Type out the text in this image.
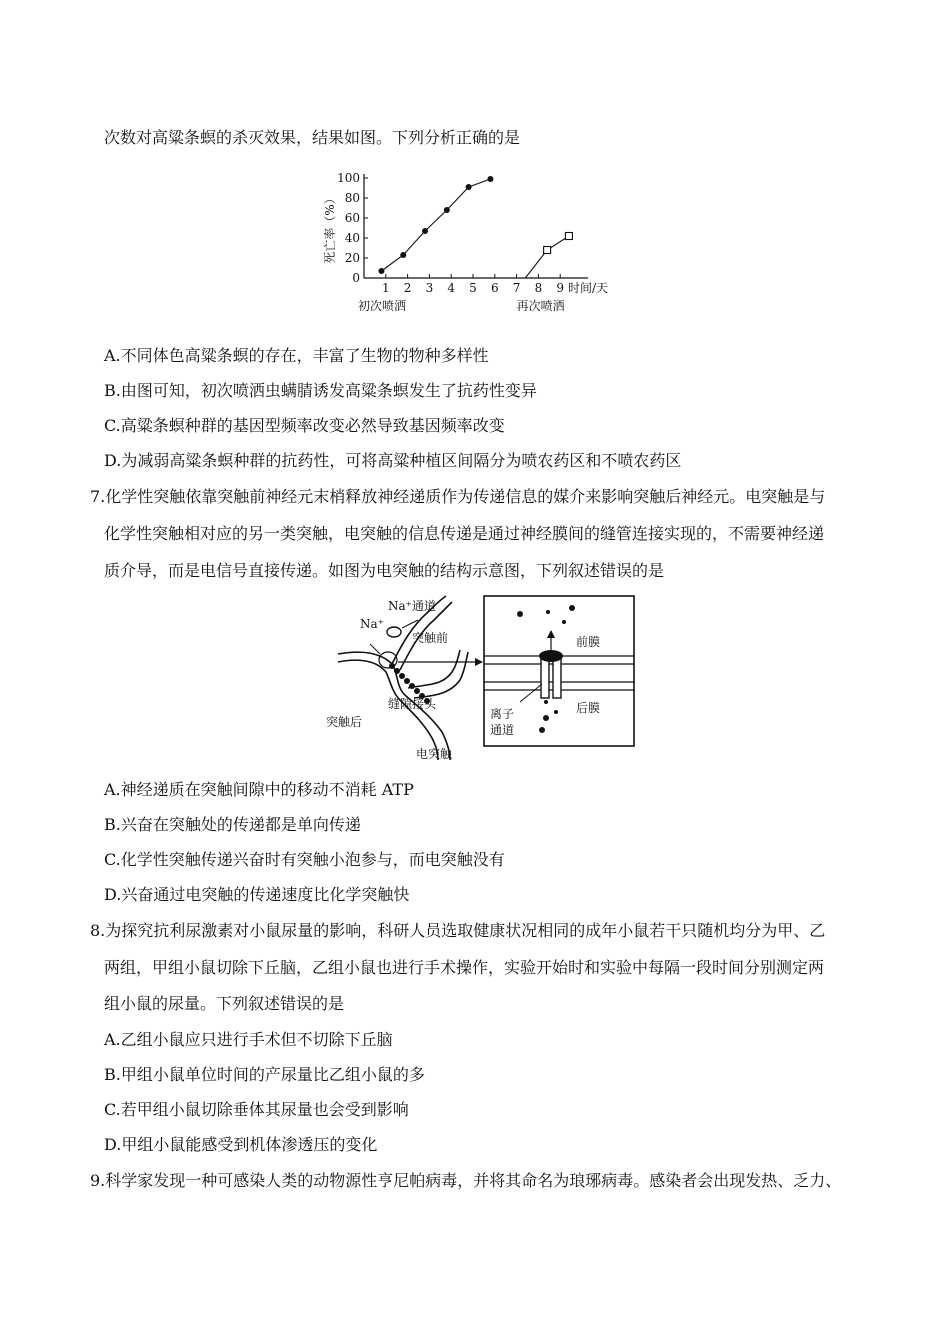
次数对高粱条螟的杀灭效果，结果如图。下列分析正确的是
0
20
40
60
80
100
1 2 3 4 5 6 7 8 9 时间/天
死亡率（%）
初次喷洒	再次喷洒
A.不同体色高粱条螟的存在，丰富了生物的物种多样性
B.由图可知，初次喷洒虫螨腈诱发高粱条螟发生了抗药性变异
C.高粱条螟种群的基因型频率改变必然导致基因频率改变
D.为减弱高粱条螟种群的抗药性，可将高粱种植区间隔分为喷农药区和不喷农药区
7.化学性突触依靠突触前神经元末梢释放神经递质作为传递信息的媒介来影响突触后神经元。电突触是与
化学性突触相对应的另一类突触，电突触的信息传递是通过神经膜间的缝管连接实现的，不需要神经递
质介导，而是电信号直接传递。如图为电突触的结构示意图，下列叙述错误的是
Na⁺通道
Na⁺
突触前
缝隙接头
突触后
电突触
前膜
后膜
离子
通道
A.神经递质在突触间隙中的移动不消耗 ATP
B.兴奋在突触处的传递都是单向传递
C.化学性突触传递兴奋时有突触小泡参与，而电突触没有
D.兴奋通过电突触的传递速度比化学突触快
8.为探究抗利尿激素对小鼠尿量的影响，科研人员选取健康状况相同的成年小鼠若干只随机均分为甲、乙
两组，甲组小鼠切除下丘脑，乙组小鼠也进行手术操作，实验开始时和实验中每隔一段时间分别测定两
组小鼠的尿量。下列叙述错误的是
A.乙组小鼠应只进行手术但不切除下丘脑
B.甲组小鼠单位时间的产尿量比乙组小鼠的多
C.若甲组小鼠切除垂体其尿量也会受到影响
D.甲组小鼠能感受到机体渗透压的变化
9.科学家发现一种可感染人类的动物源性亨尼帕病毒，并将其命名为琅琊病毒。感染者会出现发热、乏力、
